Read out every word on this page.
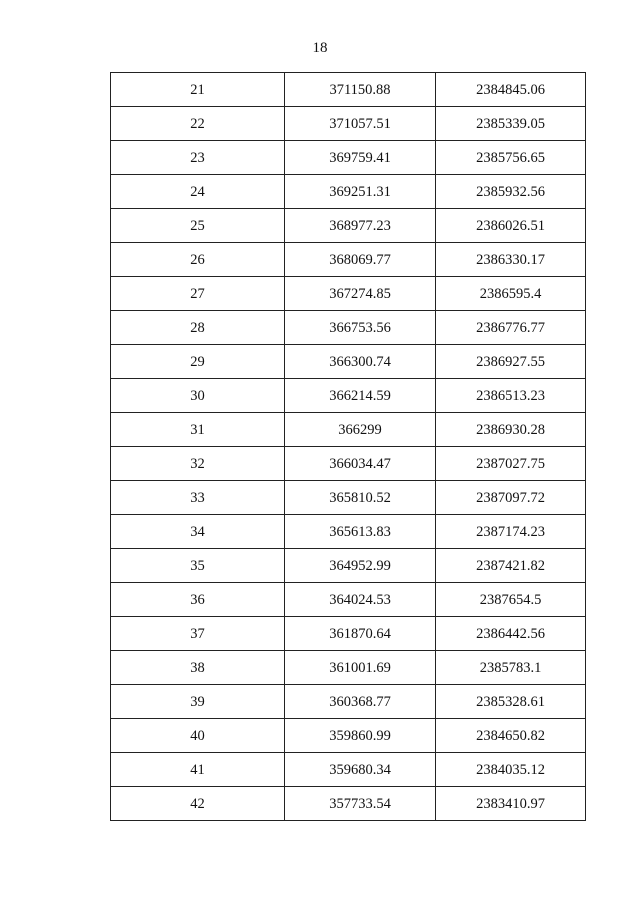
18
21	371150.88	2384845.06
22	371057.51	2385339.05
23	369759.41	2385756.65
24	369251.31	2385932.56
25	368977.23	2386026.51
26	368069.77	2386330.17
27	367274.85	2386595.4
28	366753.56	2386776.77
29	366300.74	2386927.55
30	366214.59	2386513.23
31	366299	2386930.28
32	366034.47	2387027.75
33	365810.52	2387097.72
34	365613.83	2387174.23
35	364952.99	2387421.82
36	364024.53	2387654.5
37	361870.64	2386442.56
38	361001.69	2385783.1
39	360368.77	2385328.61
40	359860.99	2384650.82
41	359680.34	2384035.12
42	357733.54	2383410.97
